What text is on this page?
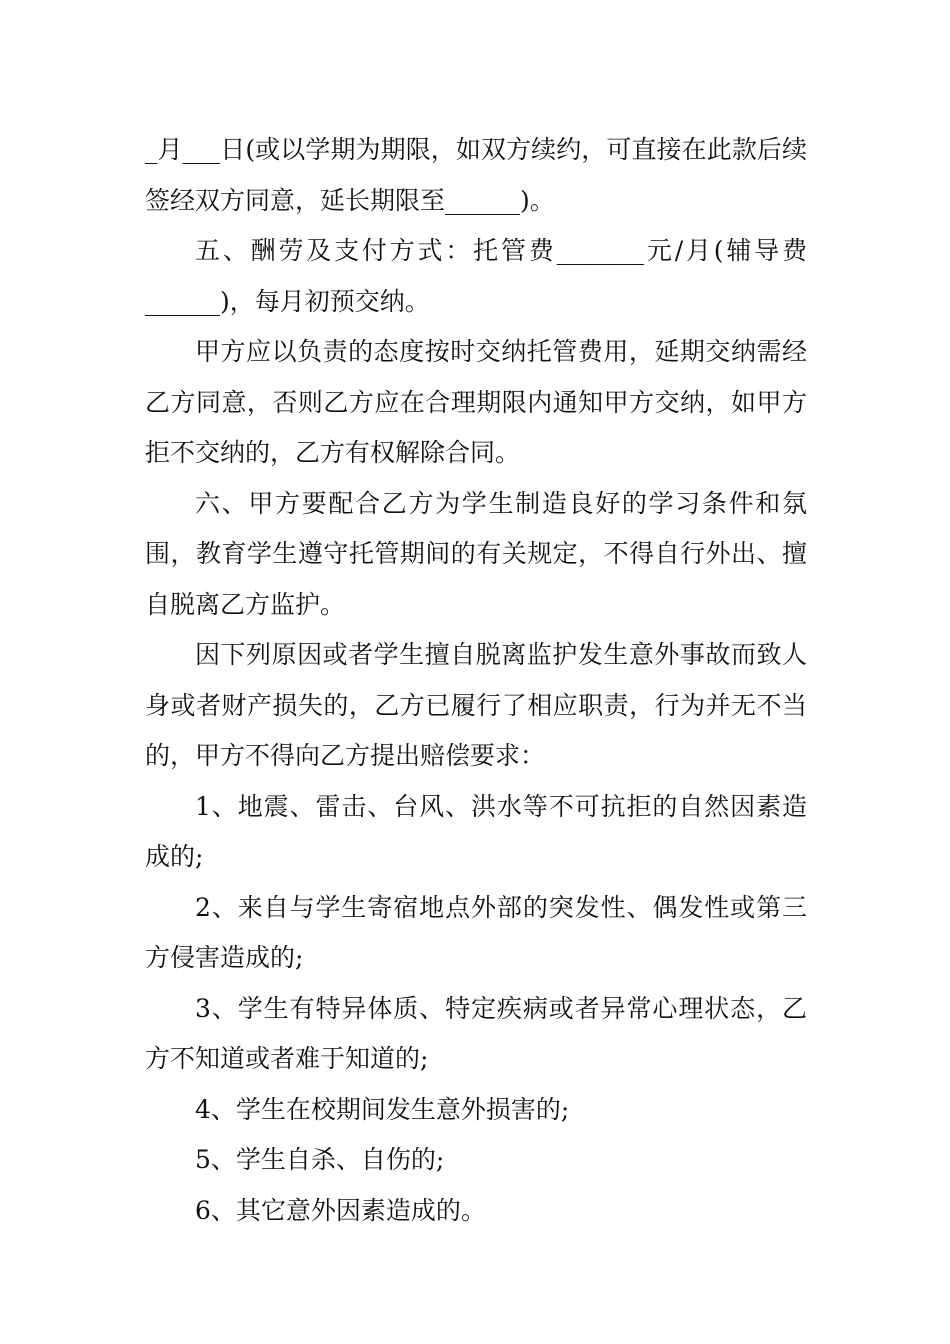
_月___日(或以学期为期限，如双方续约，可直接在此款后续签经双方同意，延长期限至______)。

五、酬劳及支付方式：托管费_______元/月(辅导费______)，每月初预交纳。

甲方应以负责的态度按时交纳托管费用，延期交纳需经乙方同意，否则乙方应在合理期限内通知甲方交纳，如甲方拒不交纳的，乙方有权解除合同。

六、甲方要配合乙方为学生制造良好的学习条件和氛围，教育学生遵守托管期间的有关规定，不得自行外出、擅自脱离乙方监护。

因下列原因或者学生擅自脱离监护发生意外事故而致人身或者财产损失的，乙方已履行了相应职责，行为并无不当的，甲方不得向乙方提出赔偿要求：

1、地震、雷击、台风、洪水等不可抗拒的自然因素造成的;

2、来自与学生寄宿地点外部的突发性、偶发性或第三方侵害造成的;

3、学生有特异体质、特定疾病或者异常心理状态，乙方不知道或者难于知道的;

4、学生在校期间发生意外损害的;

5、学生自杀、自伤的;

6、其它意外因素造成的。
